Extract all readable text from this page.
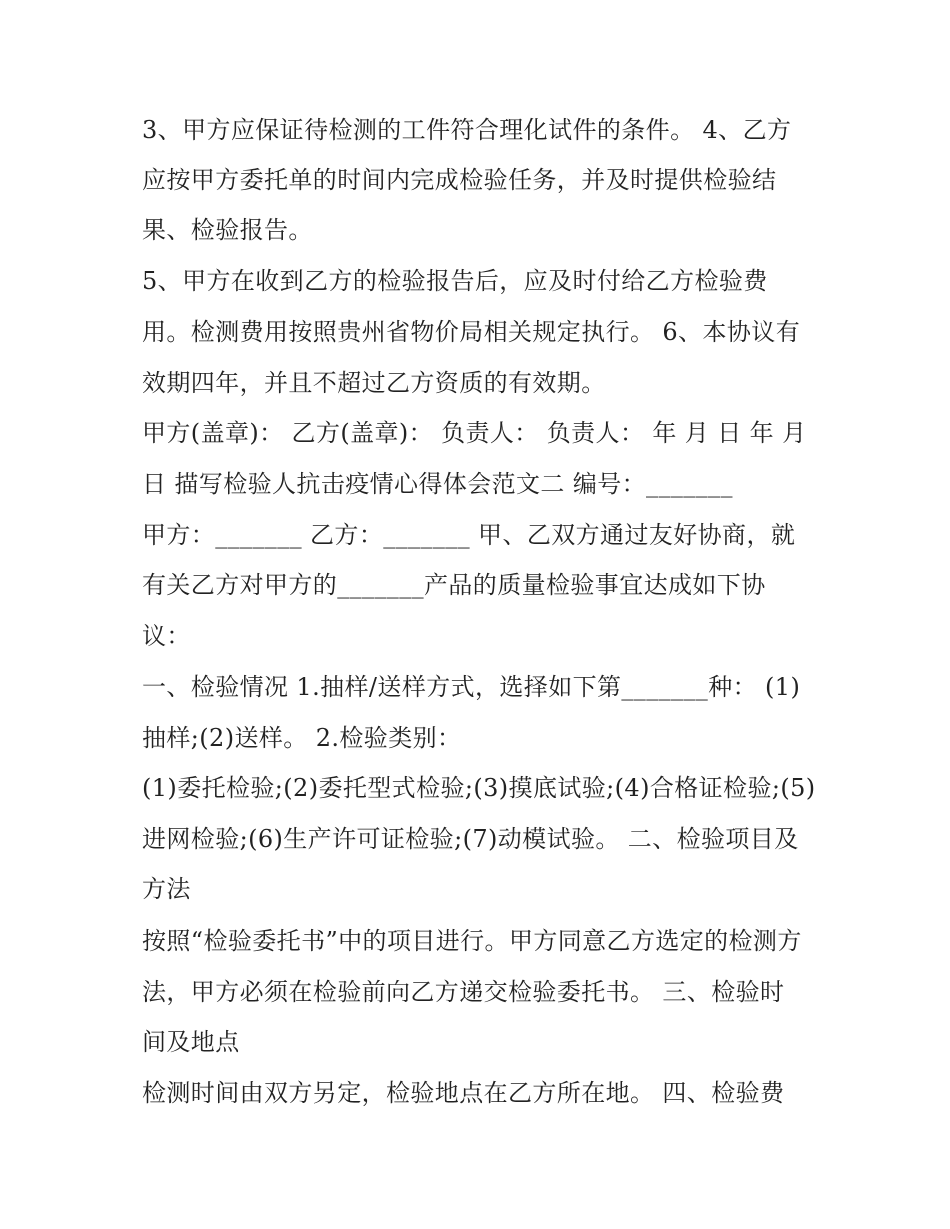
3、甲方应保证待检测的工件符合理化试件的条件。 4、乙方
应按甲方委托单的时间内完成检验任务，并及时提供检验结
果、检验报告。
5、甲方在收到乙方的检验报告后，应及时付给乙方检验费
用。检测费用按照贵州省物价局相关规定执行。 6、本协议有
效期四年，并且不超过乙方资质的有效期。
甲方(盖章)： 乙方(盖章)： 负责人： 负责人： 年 月 日 年 月
日 描写检验人抗击疫情心得体会范文二 编号：_______
甲方：_______ 乙方：_______ 甲、乙双方通过友好协商，就
有关乙方对甲方的_______产品的质量检验事宜达成如下协
议：
一、检验情况 1.抽样/送样方式，选择如下第_______种： (1)
抽样;(2)送样。 2.检验类别：
(1)委托检验;(2)委托型式检验;(3)摸底试验;(4)合格证检验;(5)
进网检验;(6)生产许可证检验;(7)动模试验。 二、检验项目及
方法
按照“检验委托书”中的项目进行。甲方同意乙方选定的检测方
法，甲方必须在检验前向乙方递交检验委托书。 三、检验时
间及地点
检测时间由双方另定，检验地点在乙方所在地。 四、检验费
